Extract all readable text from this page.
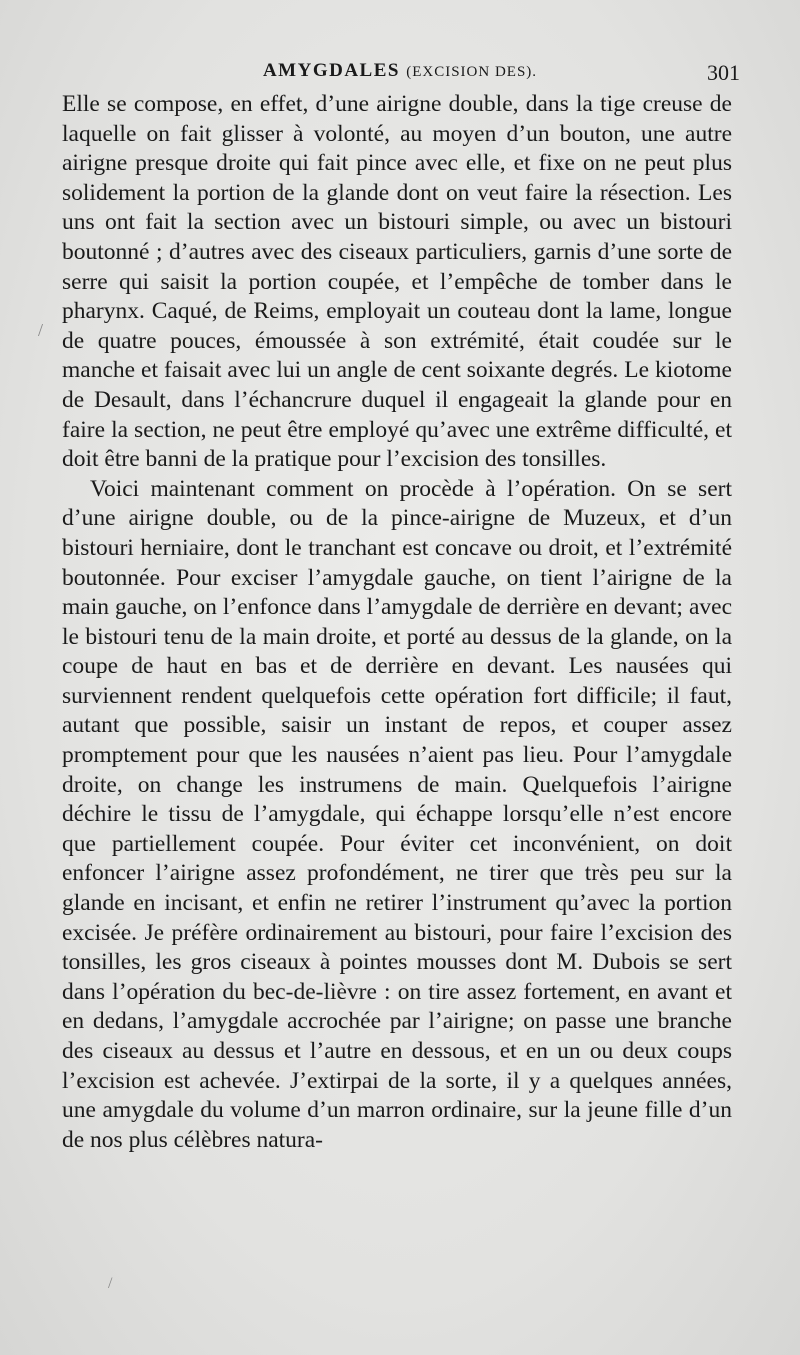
AMYGDALES (EXCISION DES).	301

Elle se compose, en effet, d’une airigne double, dans la tige creuse de laquelle on fait glisser à volonté, au moyen d’un bouton, une autre airigne presque droite qui fait pince avec elle, et fixe on ne peut plus solidement la portion de la glande dont on veut faire la résection. Les uns ont fait la section avec un bistouri simple, ou avec un bistouri boutonné ; d’autres avec des ciseaux particuliers, garnis d’une sorte de serre qui saisit la portion coupée, et l’empêche de tomber dans le pharynx. Caqué, de Reims, employait un couteau dont la lame, longue de quatre pouces, émoussée à son extrémité, était coudée sur le manche et faisait avec lui un angle de cent soixante degrés. Le kiotome de Desault, dans l’échancrure duquel il engageait la glande pour en faire la section, ne peut être employé qu’avec une extrême difficulté, et doit être banni de la pratique pour l’excision des tonsilles.

Voici maintenant comment on procède à l’opération. On se sert d’une airigne double, ou de la pince-airigne de Muzeux, et d’un bistouri herniaire, dont le tranchant est concave ou droit, et l’extrémité boutonnée. Pour exciser l’amygdale gauche, on tient l’airigne de la main gauche, on l’enfonce dans l’amygdale de derrière en devant; avec le bistouri tenu de la main droite, et porté au dessus de la glande, on la coupe de haut en bas et de derrière en devant. Les nausées qui surviennent rendent quelquefois cette opération fort difficile; il faut, autant que possible, saisir un instant de repos, et couper assez promptement pour que les nausées n’aient pas lieu. Pour l’amygdale droite, on change les instrumens de main. Quelquefois l’airigne déchire le tissu de l’amygdale, qui échappe lorsqu’elle n’est encore que partiellement coupée. Pour éviter cet inconvénient, on doit enfoncer l’airigne assez profondément, ne tirer que très peu sur la glande en incisant, et enfin ne retirer l’instrument qu’avec la portion excisée. Je préfère ordinairement au bistouri, pour faire l’excision des tonsilles, les gros ciseaux à pointes mousses dont M. Dubois se sert dans l’opération du bec-de-lièvre : on tire assez fortement, en avant et en dedans, l’amygdale accrochée par l’airigne; on passe une branche des ciseaux au dessus et l’autre en dessous, et en un ou deux coups l’excision est achevée. J’extirpai de la sorte, il y a quelques années, une amygdale du volume d’un marron ordinaire, sur la jeune fille d’un de nos plus célèbres natura-

/
/
